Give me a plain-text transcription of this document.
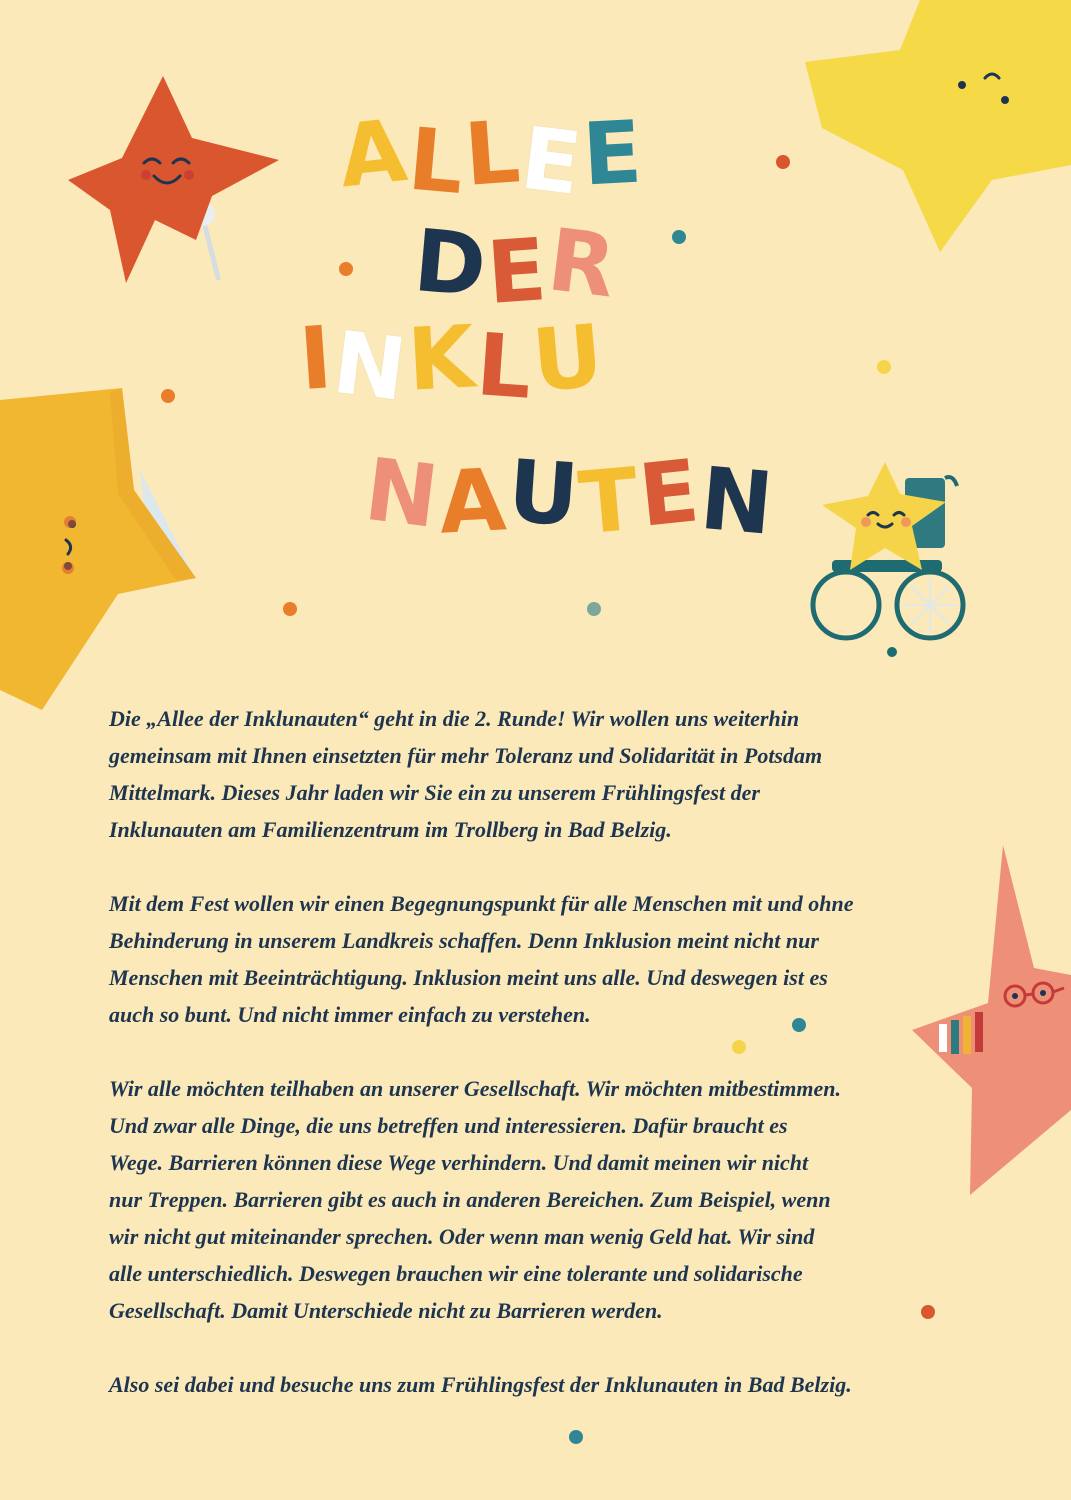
ALLEE
DER
INKLU
NAUTEN

Die „Allee der Inklunauten“ geht in die 2. Runde! Wir wollen uns weiterhin
gemeinsam mit Ihnen einsetzten für mehr Toleranz und Solidarität in Potsdam
Mittelmark. Dieses Jahr laden wir Sie ein zu unserem Frühlingsfest der
Inklunauten am Familienzentrum im Trollberg in Bad Belzig.

Mit dem Fest wollen wir einen Begegnungspunkt für alle Menschen mit und ohne
Behinderung in unserem Landkreis schaffen. Denn Inklusion meint nicht nur
Menschen mit Beeinträchtigung. Inklusion meint uns alle. Und deswegen ist es
auch so bunt. Und nicht immer einfach zu verstehen.

Wir alle möchten teilhaben an unserer Gesellschaft. Wir möchten mitbestimmen.
Und zwar alle Dinge, die uns betreffen und interessieren. Dafür braucht es
Wege. Barrieren können diese Wege verhindern. Und damit meinen wir nicht
nur Treppen. Barrieren gibt es auch in anderen Bereichen. Zum Beispiel, wenn
wir nicht gut miteinander sprechen. Oder wenn man wenig Geld hat. Wir sind
alle unterschiedlich. Deswegen brauchen wir eine tolerante und solidarische
Gesellschaft. Damit Unterschiede nicht zu Barrieren werden.

Also sei dabei und besuche uns zum Frühlingsfest der Inklunauten in Bad Belzig.
